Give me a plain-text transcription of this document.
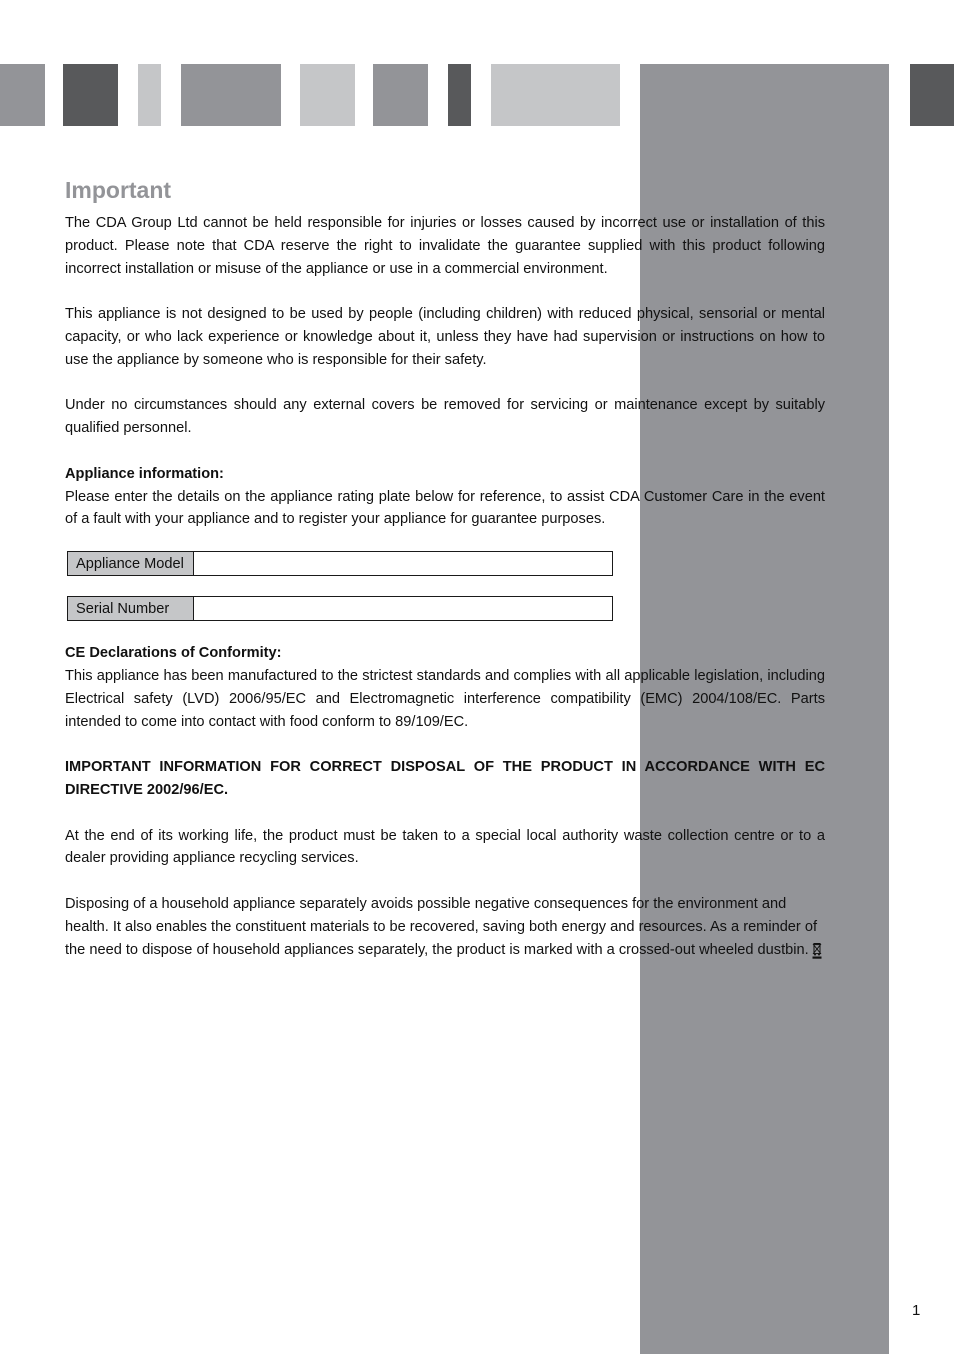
Important

The CDA Group Ltd cannot be held responsible for injuries or losses caused by incorrect use or installation of this product. Please note that CDA reserve the right to invalidate the guarantee supplied with this product following incorrect installation or misuse of the appliance or use in a commercial environment.

This appliance is not designed to be used by people (including children) with reduced physical, sensorial or mental capacity, or who lack experience or knowledge about it, unless they have had supervision or instructions on how to use the appliance by someone who is responsible for their safety.

Under no circumstances should any external covers be removed for servicing or maintenance except by suitably qualified personnel.

Appliance information:

Please enter the details on the appliance rating plate below for reference, to assist CDA Customer Care in the event of a fault with your appliance and to register your appliance for guarantee purposes.

Appliance Model
Serial Number

CE Declarations of Conformity:

This appliance has been manufactured to the strictest standards and complies with all applicable legislation, including Electrical safety (LVD) 2006/95/EC and Electromagnetic interference compatibility (EMC) 2004/108/EC. Parts intended to come into contact with food conform to 89/109/EC.

IMPORTANT INFORMATION FOR CORRECT DISPOSAL OF THE PRODUCT IN ACCORDANCE WITH EC DIRECTIVE 2002/96/EC.

At the end of its working life, the product must be taken to a special local authority waste collection centre or to a dealer providing appliance recycling services.

Disposing of a household appliance separately avoids possible negative consequences for the environment and health. It also enables the constituent materials to be recovered, saving both energy and resources. As a reminder of the need to dispose of household appliances separately, the product is marked with a crossed-out wheeled dustbin.

1
